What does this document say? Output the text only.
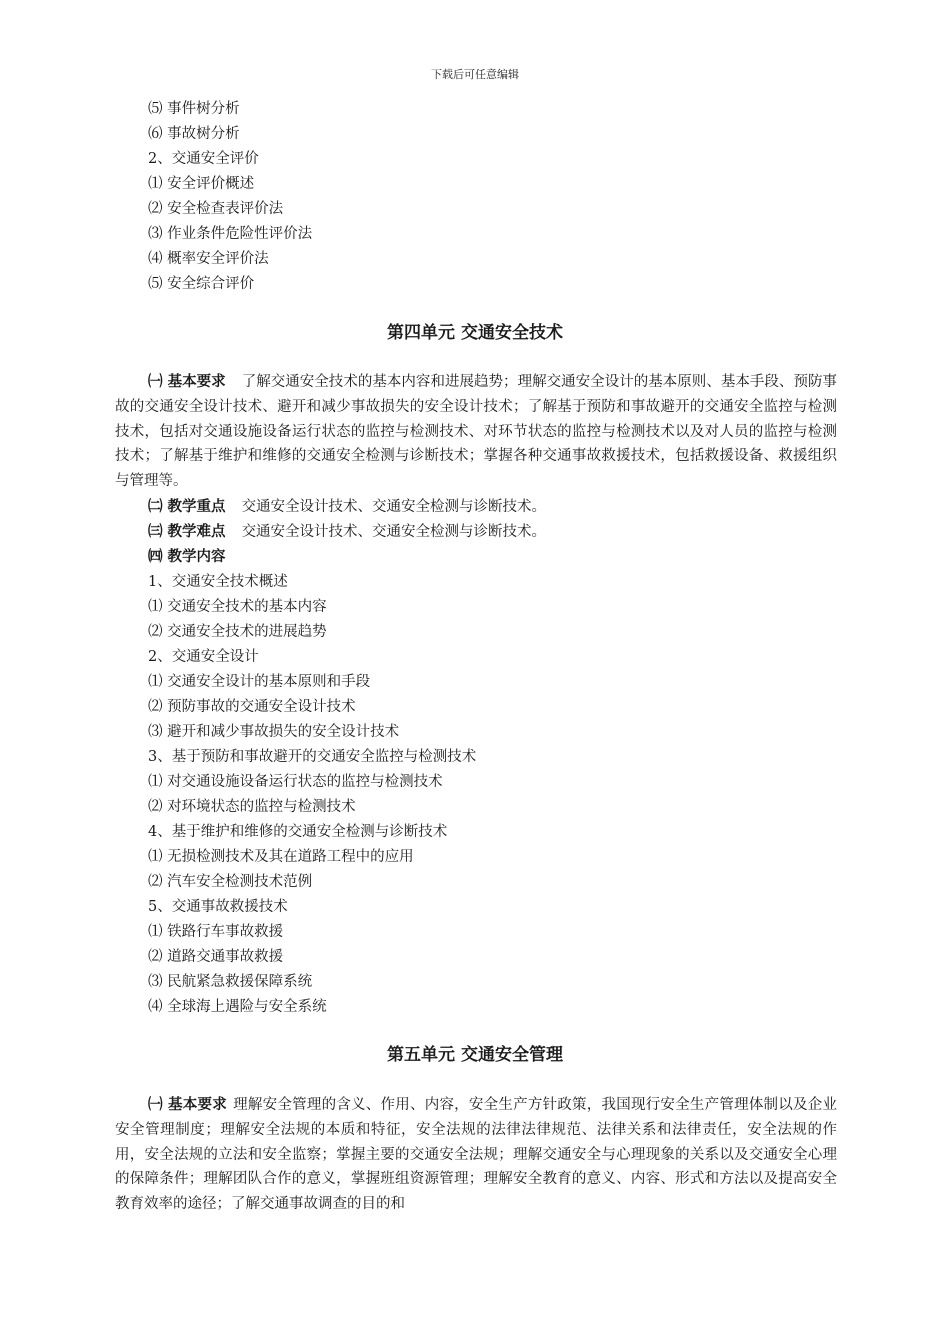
下载后可任意编辑
⑸ 事件树分析
⑹ 事故树分析
2、交通安全评价
⑴ 安全评价概述
⑵ 安全检查表评价法
⑶ 作业条件危险性评价法
⑷ 概率安全评价法
⑸ 安全综合评价
第四单元 交通安全技术
㈠ 基本要求 了解交通安全技术的基本内容和进展趋势；理解交通安全设计的基本原则、基本手段、预防事故的交通安全设计技术、避开和减少事故损失的安全设计技术；了解基于预防和事故避开的交通安全监控与检测技术，包括对交通设施设备运行状态的监控与检测技术、对环节状态的监控与检测技术以及对人员的监控与检测技术；了解基于维护和维修的交通安全检测与诊断技术；掌握各种交通事故救援技术，包括救援设备、救援组织与管理等。
㈡ 教学重点 交通安全设计技术、交通安全检测与诊断技术。
㈢ 教学难点 交通安全设计技术、交通安全检测与诊断技术。
㈣ 教学内容
1、交通安全技术概述
⑴ 交通安全技术的基本内容
⑵ 交通安全技术的进展趋势
2、交通安全设计
⑴ 交通安全设计的基本原则和手段
⑵ 预防事故的交通安全设计技术
⑶ 避开和减少事故损失的安全设计技术
3、基于预防和事故避开的交通安全监控与检测技术
⑴ 对交通设施设备运行状态的监控与检测技术
⑵ 对环境状态的监控与检测技术
4、基于维护和维修的交通安全检测与诊断技术
⑴ 无损检测技术及其在道路工程中的应用
⑵ 汽车安全检测技术范例
5、交通事故救援技术
⑴ 铁路行车事故救援
⑵ 道路交通事故救援
⑶ 民航紧急救援保障系统
⑷ 全球海上遇险与安全系统
第五单元 交通安全管理
㈠ 基本要求 理解安全管理的含义、作用、内容，安全生产方针政策，我国现行安全生产管理体制以及企业安全管理制度；理解安全法规的本质和特征，安全法规的法律法律规范、法律关系和法律责任，安全法规的作用，安全法规的立法和安全监察；掌握主要的交通安全法规；理解交通安全与心理现象的关系以及交通安全心理的保障条件；理解团队合作的意义，掌握班组资源管理；理解安全教育的意义、内容、形式和方法以及提高安全教育效率的途径；了解交通事故调查的目的和
